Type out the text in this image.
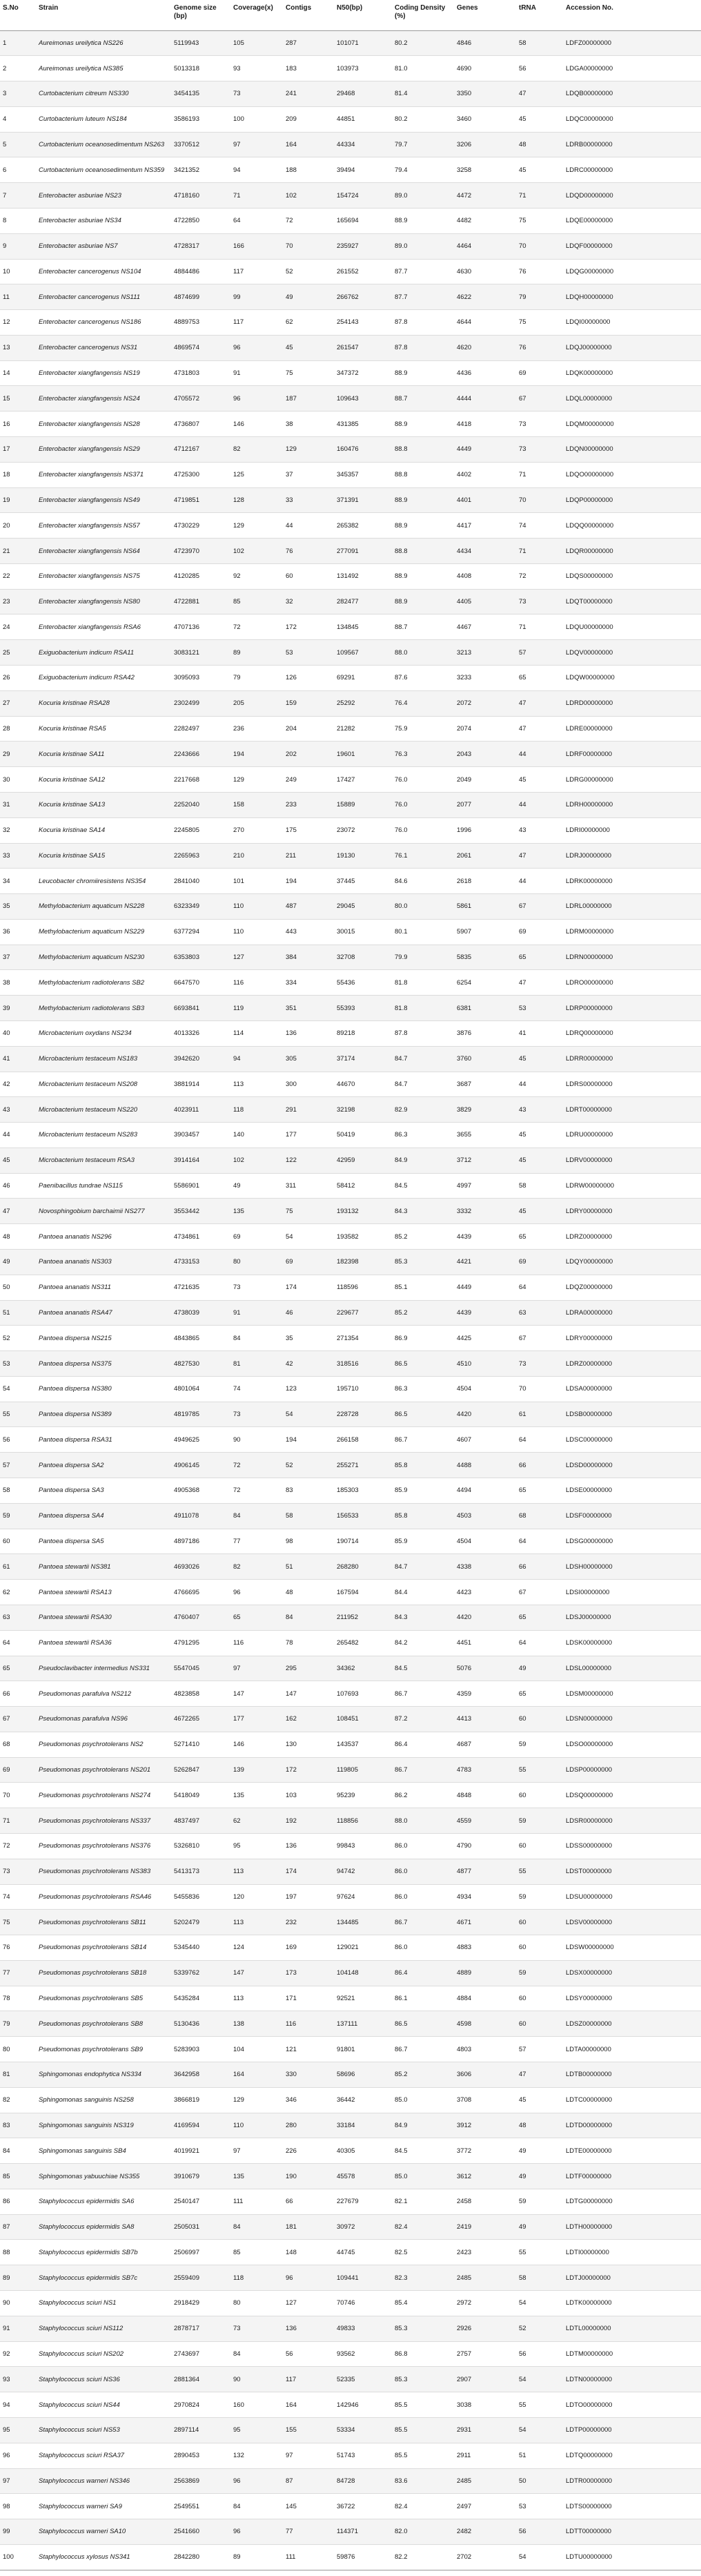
S.No	Strain	Genome size (bp)	Coverage(x)	Contigs	N50(bp)	Coding Density (%)	Genes	tRNA	Accession No.
1	Aureimonas ureilytica NS226	5119943	105	287	101071	80.2	4846	58	LDFZ00000000
2	Aureimonas ureilytica NS385	5013318	93	183	103973	81.0	4690	56	LDGA00000000
3	Curtobacterium citreum NS330	3454135	73	241	29468	81.4	3350	47	LDQB00000000
4	Curtobacterium luteum NS184	3586193	100	209	44851	80.2	3460	45	LDQC00000000
5	Curtobacterium oceanosedimentum NS263	3370512	97	164	44334	79.7	3206	48	LDRB00000000
6	Curtobacterium oceanosedimentum NS359	3421352	94	188	39494	79.4	3258	45	LDRC00000000
7	Enterobacter asburiae NS23	4718160	71	102	154724	89.0	4472	71	LDQD00000000
8	Enterobacter asburiae NS34	4722850	64	72	165694	88.9	4482	75	LDQE00000000
9	Enterobacter asburiae NS7	4728317	166	70	235927	89.0	4464	70	LDQF00000000
10	Enterobacter cancerogenus NS104	4884486	117	52	261552	87.7	4630	76	LDQG00000000
11	Enterobacter cancerogenus NS111	4874699	99	49	266762	87.7	4622	79	LDQH00000000
12	Enterobacter cancerogenus NS186	4889753	117	62	254143	87.8	4644	75	LDQI00000000
13	Enterobacter cancerogenus NS31	4869574	96	45	261547	87.8	4620	76	LDQJ00000000
14	Enterobacter xiangfangensis NS19	4731803	91	75	347372	88.9	4436	69	LDQK00000000
15	Enterobacter xiangfangensis NS24	4705572	96	187	109643	88.7	4444	67	LDQL00000000
16	Enterobacter xiangfangensis NS28	4736807	146	38	431385	88.9	4418	73	LDQM00000000
17	Enterobacter xiangfangensis NS29	4712167	82	129	160476	88.8	4449	73	LDQN00000000
18	Enterobacter xiangfangensis NS371	4725300	125	37	345357	88.8	4402	71	LDQO00000000
19	Enterobacter xiangfangensis NS49	4719851	128	33	371391	88.9	4401	70	LDQP00000000
20	Enterobacter xiangfangensis NS57	4730229	129	44	265382	88.9	4417	74	LDQQ00000000
21	Enterobacter xiangfangensis NS64	4723970	102	76	277091	88.8	4434	71	LDQR00000000
22	Enterobacter xiangfangensis NS75	4120285	92	60	131492	88.9	4408	72	LDQS00000000
23	Enterobacter xiangfangensis NS80	4722881	85	32	282477	88.9	4405	73	LDQT00000000
24	Enterobacter xiangfangensis RSA6	4707136	72	172	134845	88.7	4467	71	LDQU00000000
25	Exiguobacterium indicum RSA11	3083121	89	53	109567	88.0	3213	57	LDQV00000000
26	Exiguobacterium indicum RSA42	3095093	79	126	69291	87.6	3233	65	LDQW00000000
27	Kocuria kristinae RSA28	2302499	205	159	25292	76.4	2072	47	LDRD00000000
28	Kocuria kristinae RSA5	2282497	236	204	21282	75.9	2074	47	LDRE00000000
29	Kocuria kristinae SA11	2243666	194	202	19601	76.3	2043	44	LDRF00000000
30	Kocuria kristinae SA12	2217668	129	249	17427	76.0	2049	45	LDRG00000000
31	Kocuria kristinae SA13	2252040	158	233	15889	76.0	2077	44	LDRH00000000
32	Kocuria kristinae SA14	2245805	270	175	23072	76.0	1996	43	LDRI00000000
33	Kocuria kristinae SA15	2265963	210	211	19130	76.1	2061	47	LDRJ00000000
34	Leucobacter chromiiresistens NS354	2841040	101	194	37445	84.6	2618	44	LDRK00000000
35	Methylobacterium aquaticum NS228	6323349	110	487	29045	80.0	5861	67	LDRL00000000
36	Methylobacterium aquaticum NS229	6377294	110	443	30015	80.1	5907	69	LDRM00000000
37	Methylobacterium aquaticum NS230	6353803	127	384	32708	79.9	5835	65	LDRN00000000
38	Methylobacterium radiotolerans SB2	6647570	116	334	55436	81.8	6254	47	LDRO00000000
39	Methylobacterium radiotolerans SB3	6693841	119	351	55393	81.8	6381	53	LDRP00000000
40	Microbacterium oxydans NS234	4013326	114	136	89218	87.8	3876	41	LDRQ00000000
41	Microbacterium testaceum NS183	3942620	94	305	37174	84.7	3760	45	LDRR00000000
42	Microbacterium testaceum NS208	3881914	113	300	44670	84.7	3687	44	LDRS00000000
43	Microbacterium testaceum NS220	4023911	118	291	32198	82.9	3829	43	LDRT00000000
44	Microbacterium testaceum NS283	3903457	140	177	50419	86.3	3655	45	LDRU00000000
45	Microbacterium testaceum RSA3	3914164	102	122	42959	84.9	3712	45	LDRV00000000
46	Paenibacillus tundrae NS115	5586901	49	311	58412	84.5	4997	58	LDRW00000000
47	Novosphingobium barchaimii NS277	3553442	135	75	193132	84.3	3332	45	LDRY00000000
48	Pantoea ananatis NS296	4734861	69	54	193582	85.2	4439	65	LDRZ00000000
49	Pantoea ananatis NS303	4733153	80	69	182398	85.3	4421	69	LDQY00000000
50	Pantoea ananatis NS311	4721635	73	174	118596	85.1	4449	64	LDQZ00000000
51	Pantoea ananatis RSA47	4738039	91	46	229677	85.2	4439	63	LDRA00000000
52	Pantoea dispersa NS215	4843865	84	35	271354	86.9	4425	67	LDRY00000000
53	Pantoea dispersa NS375	4827530	81	42	318516	86.5	4510	73	LDRZ00000000
54	Pantoea dispersa NS380	4801064	74	123	195710	86.3	4504	70	LDSA00000000
55	Pantoea dispersa NS389	4819785	73	54	228728	86.5	4420	61	LDSB00000000
56	Pantoea dispersa RSA31	4949625	90	194	266158	86.7	4607	64	LDSC00000000
57	Pantoea dispersa SA2	4906145	72	52	255271	85.8	4488	66	LDSD00000000
58	Pantoea dispersa SA3	4905368	72	83	185303	85.9	4494	65	LDSE00000000
59	Pantoea dispersa SA4	4911078	84	58	156533	85.8	4503	68	LDSF00000000
60	Pantoea dispersa SA5	4897186	77	98	190714	85.9	4504	64	LDSG00000000
61	Pantoea stewartii NS381	4693026	82	51	268280	84.7	4338	66	LDSH00000000
62	Pantoea stewartii RSA13	4766695	96	48	167594	84.4	4423	67	LDSI00000000
63	Pantoea stewartii RSA30	4760407	65	84	211952	84.3	4420	65	LDSJ00000000
64	Pantoea stewartii RSA36	4791295	116	78	265482	84.2	4451	64	LDSK00000000
65	Pseudoclavibacter intermedius NS331	5547045	97	295	34362	84.5	5076	49	LDSL00000000
66	Pseudomonas parafulva NS212	4823858	147	147	107693	86.7	4359	65	LDSM00000000
67	Pseudomonas parafulva NS96	4672265	177	162	108451	87.2	4413	60	LDSN00000000
68	Pseudomonas psychrotolerans NS2	5271410	146	130	143537	86.4	4687	59	LDSO00000000
69	Pseudomonas psychrotolerans NS201	5262847	139	172	119805	86.7	4783	55	LDSP00000000
70	Pseudomonas psychrotolerans NS274	5418049	135	103	95239	86.2	4848	60	LDSQ00000000
71	Pseudomonas psychrotolerans NS337	4837497	62	192	118856	88.0	4559	59	LDSR00000000
72	Pseudomonas psychrotolerans NS376	5326810	95	136	99843	86.0	4790	60	LDSS00000000
73	Pseudomonas psychrotolerans NS383	5413173	113	174	94742	86.0	4877	55	LDST00000000
74	Pseudomonas psychrotolerans RSA46	5455836	120	197	97624	86.0	4934	59	LDSU00000000
75	Pseudomonas psychrotolerans SB11	5202479	113	232	134485	86.7	4671	60	LDSV00000000
76	Pseudomonas psychrotolerans SB14	5345440	124	169	129021	86.0	4883	60	LDSW00000000
77	Pseudomonas psychrotolerans SB18	5339762	147	173	104148	86.4	4889	59	LDSX00000000
78	Pseudomonas psychrotolerans SB5	5435284	113	171	92521	86.1	4884	60	LDSY00000000
79	Pseudomonas psychrotolerans SB8	5130436	138	116	137111	86.5	4598	60	LDSZ00000000
80	Pseudomonas psychrotolerans SB9	5283903	104	121	91801	86.7	4803	57	LDTA00000000
81	Sphingomonas endophytica NS334	3642958	164	330	58696	85.2	3606	47	LDTB00000000
82	Sphingomonas sanguinis NS258	3866819	129	346	36442	85.0	3708	45	LDTC00000000
83	Sphingomonas sanguinis NS319	4169594	110	280	33184	84.9	3912	48	LDTD00000000
84	Sphingomonas sanguinis SB4	4019921	97	226	40305	84.5	3772	49	LDTE00000000
85	Sphingomonas yabuuchiae NS355	3910679	135	190	45578	85.0	3612	49	LDTF00000000
86	Staphylococcus epidermidis SA6	2540147	111	66	227679	82.1	2458	59	LDTG00000000
87	Staphylococcus epidermidis SA8	2505031	84	181	30972	82.4	2419	49	LDTH00000000
88	Staphylococcus epidermidis SB7b	2506997	85	148	44745	82.5	2423	55	LDTI00000000
89	Staphylococcus epidermidis SB7c	2559409	118	96	109441	82.3	2485	58	LDTJ00000000
90	Staphylococcus sciuri NS1	2918429	80	127	70746	85.4	2972	54	LDTK00000000
91	Staphylococcus sciuri NS112	2878717	73	136	49833	85.3	2926	52	LDTL00000000
92	Staphylococcus sciuri NS202	2743697	84	56	93562	86.8	2757	56	LDTM00000000
93	Staphylococcus sciuri NS36	2881364	90	117	52335	85.3	2907	54	LDTN00000000
94	Staphylococcus sciuri NS44	2970824	160	164	142946	85.5	3038	55	LDTO00000000
95	Staphylococcus sciuri NS53	2897114	95	155	53334	85.5	2931	54	LDTP00000000
96	Staphylococcus sciuri RSA37	2890453	132	97	51743	85.5	2911	51	LDTQ00000000
97	Staphylococcus warneri NS346	2563869	96	87	84728	83.6	2485	50	LDTR00000000
98	Staphylococcus warneri SA9	2549551	84	145	36722	82.4	2497	53	LDTS00000000
99	Staphylococcus warneri SA10	2541660	96	77	114371	82.0	2482	56	LDTT00000000
100	Staphylococcus xylosus NS341	2842280	89	111	59876	82.2	2702	54	LDTU00000000
